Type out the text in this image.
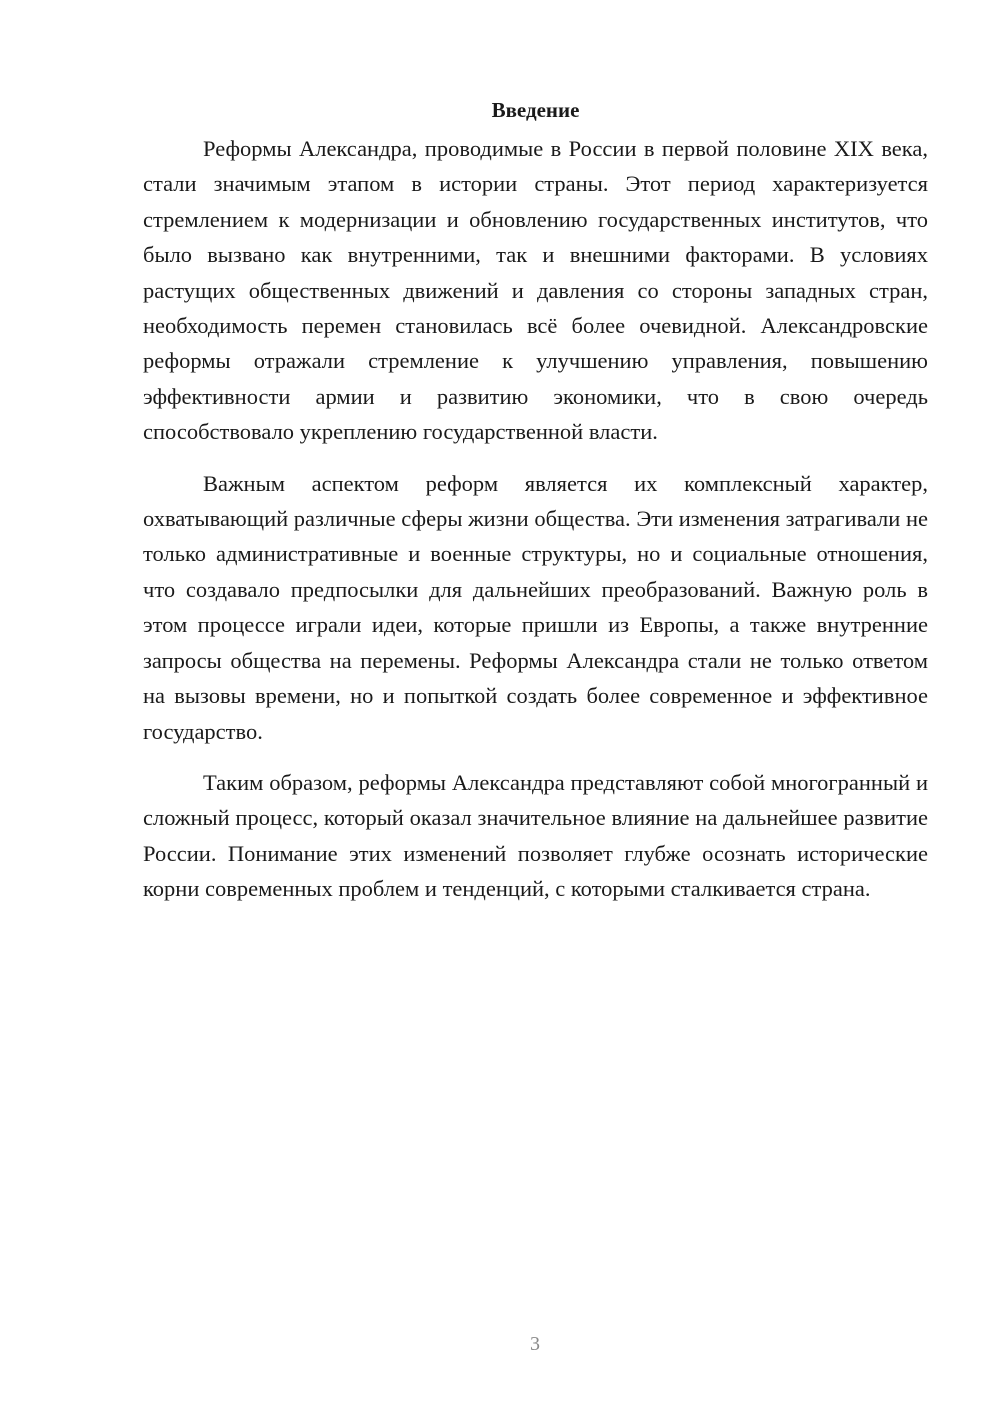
Введение

Реформы Александра, проводимые в России в первой половине XIX века, стали значимым этапом в истории страны. Этот период характеризуется стремлением к модернизации и обновлению государственных институтов, что было вызвано как внутренними, так и внешними факторами. В условиях растущих общественных движений и давления со стороны западных стран, необходимость перемен становилась всё более очевидной. Александровские реформы отражали стремление к улучшению управления, повышению эффективности армии и развитию экономики, что в свою очередь способствовало укреплению государственной власти.

Важным аспектом реформ является их комплексный характер, охватывающий различные сферы жизни общества. Эти изменения затрагивали не только административные и военные структуры, но и социальные отношения, что создавало предпосылки для дальнейших преобразований. Важную роль в этом процессе играли идеи, которые пришли из Европы, а также внутренние запросы общества на перемены. Реформы Александра стали не только ответом на вызовы времени, но и попыткой создать более современное и эффективное государство.

Таким образом, реформы Александра представляют собой многогранный и сложный процесс, который оказал значительное влияние на дальнейшее развитие России. Понимание этих изменений позволяет глубже осознать исторические корни современных проблем и тенденций, с которыми сталкивается страна.

3
